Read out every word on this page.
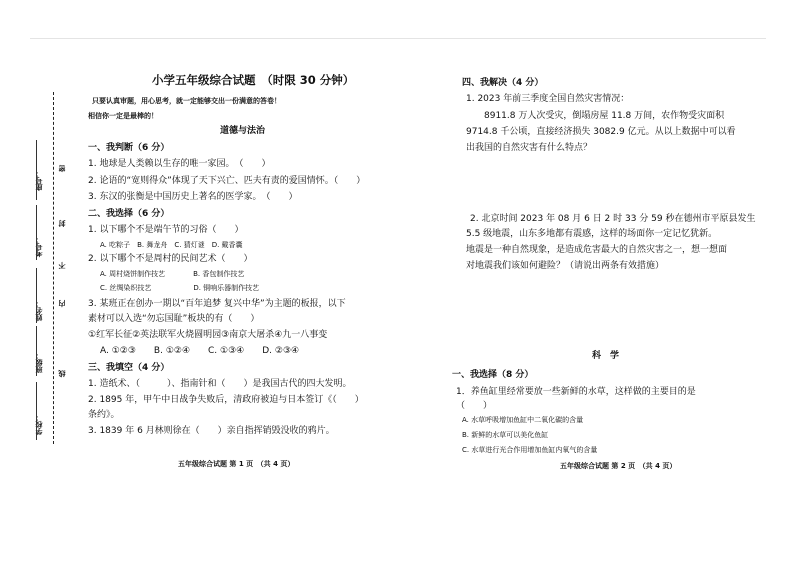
座号：
考号：
姓名：
班级：
学校：
密
封
不
内
线
小学五年级综合试题　（时限 30 分钟）
只要认真审题，用心思考，就一定能够交出一份满意的答卷！
相信你一定是最棒的！
道德与法治
一、我判断（6 分）
1. 地球是人类赖以生存的唯一家园。　（　　）
2. 论语的“宽则得众”体现了天下兴亡、匹夫有责的爱国情怀。（　　）
3. 东汉的张衡是中国历史上著名的医学家。　（　　）
二、我选择（6 分）
1. 以下哪个不是端午节的习俗（　　）
A. 吃粽子　B. 舞龙舟　C. 猜灯谜　D. 戴香囊
2. 以下哪个不是周村的民间艺术（　　）
A. 周村烧饼制作技艺　　　　B. 香包制作技艺
C. 丝绸染织技艺　　　　　　D. 铜响乐器制作技艺
3. 某班正在创办一期以“百年追梦 复兴中华”为主题的板报，以下
素材可以入选“勿忘国耻”板块的有（　　）
①红军长征②英法联军火烧圆明园③南京大屠杀④九一八事变
A. ①②③　　B. ①②④　　C. ①③④　　D. ②③④
三、我填空（4 分）
1. 造纸术、（　　　）、指南针和（　　）是我国古代的四大发明。
2. 1895 年，甲午中日战争失败后，清政府被迫与日本签订《（　　）
条约》。
3. 1839 年 6 月林则徐在（　　）亲自指挥销毁没收的鸦片。
五年级综合试题 第 1 页　（共 4 页）
四、我解决（4 分）
1. 2023 年前三季度全国自然灾害情况：
8911.8 万人次受灾，倒塌房屋 11.8 万间，农作物受灾面积
9714.8 千公顷，直接经济损失 3082.9 亿元。从以上数据中可以看
出我国的自然灾害有什么特点？
2. 北京时间 2023 年 08 月 6 日 2 时 33 分 59 秒在德州市平原县发生
5.5 级地震，山东多地都有震感，这样的场面你一定记忆犹新。
地震是一种自然现象，是造成危害最大的自然灾害之一，想一想面
对地震我们该如何避险？（请说出两条有效措施）
科　学
一、我选择（8 分）
1．养鱼缸里经常要放一些新鲜的水草，这样做的主要目的是
（　　）
A. 水草呼吸增加鱼缸中二氧化碳的含量
B. 新鲜的水草可以美化鱼缸
C. 水草进行光合作用增加鱼缸内氧气的含量
五年级综合试题 第 2 页　（共 4 页）
